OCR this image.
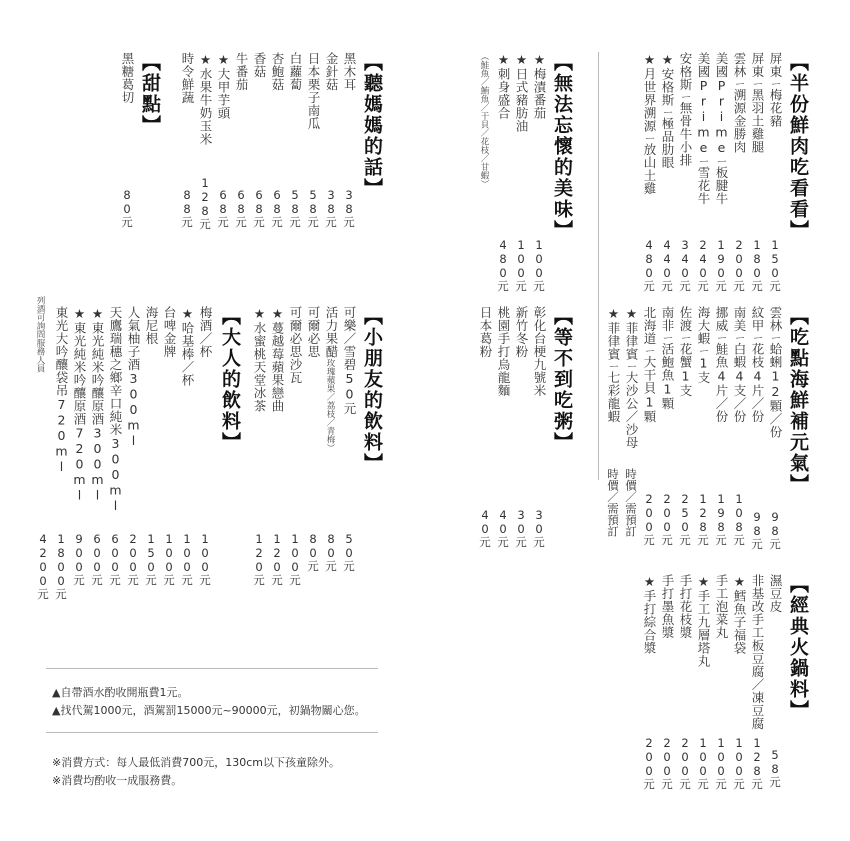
【半份鮮肉吃看看】
屏東ㄧ梅花豬
150元
屏東ㄧ黑羽土雞腿
180元
雲林ㄧ溯源金勝肉
200元
美國Primeㄧ板腱牛
190元
美國Primeㄧ雪花牛
240元
安格斯ㄧ無骨牛小排
340元
★安格斯ㄧ極品肋眼
440元
★月世界溯源ㄧ放山土雞
480元
【無法忘懷的美味】
★梅漬番茄
100元
★日式豬肪油
100元
★刺身盛合
480元
（鮭魚／鮪魚／干貝／花枝／甘蝦）
【聽媽媽的話】
黑木耳
38元
金針菇
38元
日本栗子南瓜
58元
白蘿蔔
58元
杏鮑菇
68元
香菇
68元
牛番茄
68元
★大甲芋頭
68元
★水果牛奶玉米
128元
時令鮮蔬
88元
【甜點】
黑糖葛切
80元
【吃點海鮮補元氣】
雲林ㄧ蛤蜊12顆／份
98元
紋甲ㄧ花枝4片／份
98元
南美ㄧ白蝦4支／份
108元
挪威ㄧ鮭魚4片／份
198元
海大蝦ㄧ1支
128元
佐渡ㄧ花蟹1支
250元
南非ㄧ活鮑魚1顆
200元
北海道ㄧ大干貝1顆
200元
★菲律賓ㄧ大沙公／沙母
時價／需預訂
★菲律賓ㄧ七彩龍蝦
時價／需預訂
【等不到吃粥】
彰化台梗九號米
30元
新竹冬粉
30元
桃園手打烏龍麵
40元
日本葛粉
40元
【小朋友的飲料】
可樂／雪碧50元
50元
活力果醋
（玫瑰蘋果／荔枝／青梅）
80元
可爾必思
80元
可爾必思沙瓦
100元
★蔓越莓蘋果戀曲
120元
★水蜜桃天堂冰茶
120元
【大人的飲料】
梅酒／杯
100元
★哈基棒／杯
100元
台啤金牌
100元
海尼根
150元
人氣柚子酒300ml
200元
天鷹瑞穗之鄉辛口純米300ml
600元
★東光純米吟釀原酒300ml
600元
★東光純米吟釀原酒720ml
900元
東光大吟釀袋吊720ml
1800元
列酒可詢問服務人員
4200元
【經典火鍋料】
濕豆皮
58元
非基改手工板豆腐／凍豆腐
128元
★鱈魚子福袋
100元
手工泡菜丸
100元
★手工九層塔丸
100元
手打花枝漿
200元
手打墨魚漿
200元
★手打綜合漿
200元
▲自帶酒水酌收開瓶費1元。
▲找代駕1000元，酒駕罰15000元~90000元，初鍋物關心您。
※消費方式：每人最低消費700元，130cm以下孩童除外。
※消費均酌收一成服務費。
